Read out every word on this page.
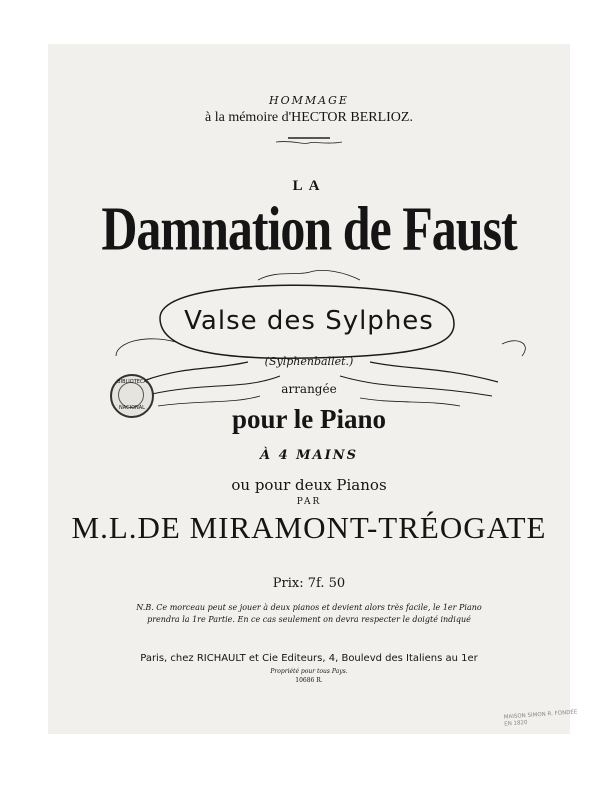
HOMMAGE
à la mémoire d'HECTOR BERLIOZ.
LA
Damnation de Faust
Valse des Sylphes
(Sylphenballet.)
arrangée
pour le Piano
À 4 MAINS
ou pour deux Pianos
PAR
M.L.DE MIRAMONT-TRÉOGATE
Prix: 7f. 50
N.B. Ce morceau peut se jouer à deux pianos et devient alors très facile, le 1er Piano
prendra la 1re Partie. En ce cas seulement on devra respecter le doigté indiqué
Paris, chez RICHAULT et Cie Editeurs, 4, Boulevd des Italiens au 1er
Propriété pour tous Pays.
10686 R.
BIBLIOTECA
NACIONAL
MAISON SIMON R. FONDÉE EN 1820
